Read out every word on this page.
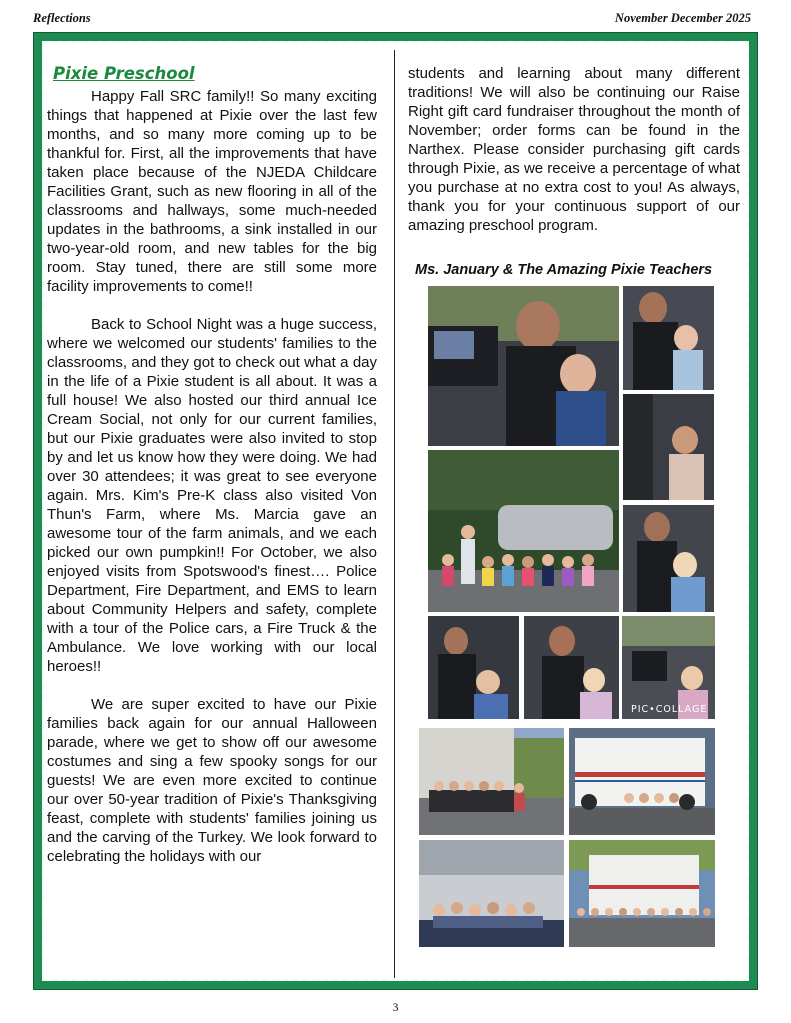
Reflections	November December 2025
Pixie Preschool

Happy Fall SRC family!! So many exciting things that happened at Pixie over the last few months, and so many more coming up to be thankful for. First, all the improvements that have taken place because of the NJEDA Childcare Facilities Grant, such as new flooring in all of the classrooms and hallways, some much-needed updates in the bathrooms, a sink installed in our two-year-old room, and new tables for the big room. Stay tuned, there are still some more facility improvements to come!!

Back to School Night was a huge success, where we welcomed our students' families to the classrooms, and they got to check out what a day in the life of a Pixie student is all about. It was a full house! We also hosted our third annual Ice Cream Social, not only for our current families, but our Pixie graduates were also invited to stop by and let us know how they were doing. We had over 30 attendees; it was great to see everyone again. Mrs. Kim's Pre-K class also visited Von Thun's Farm, where Ms. Marcia gave an awesome tour of the farm animals, and we each picked our own pumpkin!! For October, we also enjoyed visits from Spotswood's finest…. Police Department, Fire Department, and EMS to learn about Community Helpers and safety, complete with a tour of the Police cars, a Fire Truck & the Ambulance. We love working with our local heroes!!

We are super excited to have our Pixie families back again for our annual Halloween parade, where we get to show off our awesome costumes and sing a few spooky songs for our guests! We are even more excited to continue our over 50-year tradition of Pixie's Thanksgiving feast, complete with students' families joining us and the carving of the Turkey. We look forward to celebrating the holidays with our

students and learning about many different traditions! We will also be continuing our Raise Right gift card fundraiser throughout the month of November; order forms can be found in the Narthex. Please consider purchasing gift cards through Pixie, as we receive a percentage of what you purchase at no extra cost to you! As always, thank you for your continuous support of our amazing preschool program.

Ms. January & The Amazing Pixie Teachers
PIC•COLLAGE
3
